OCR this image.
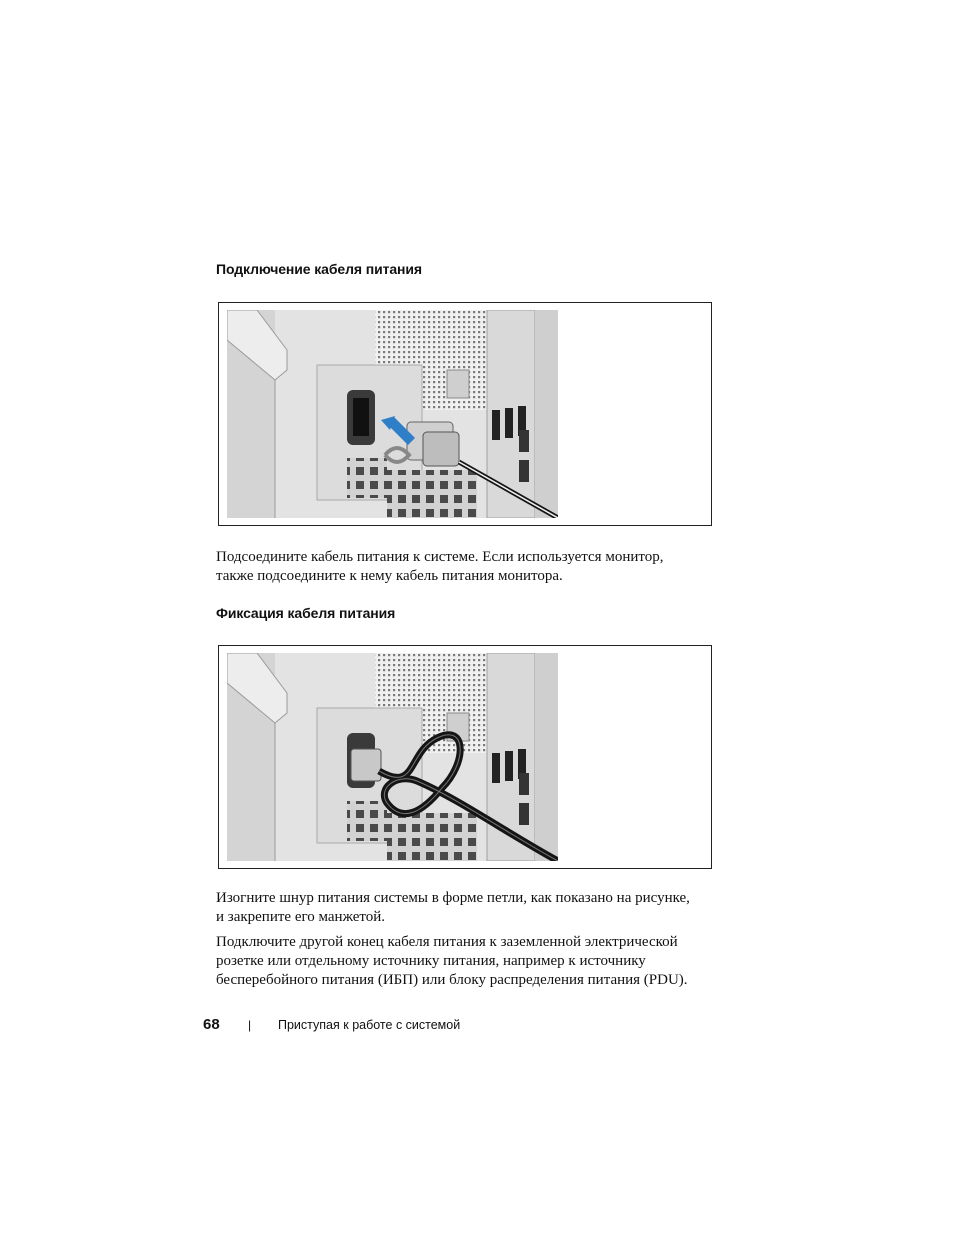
Подключение кабеля питания

Подсоедините кабель питания к системе. Если используется монитор,
также подсоедините к нему кабель питания монитора.

Фиксация кабеля питания

Изогните шнур питания системы в форме петли, как показано на рисунке,
и закрепите его манжетой.

Подключите другой конец кабеля питания к заземленной электрической
розетке или отдельному источнику питания, например к источнику
бесперебойного питания (ИБП) или блоку распределения питания (PDU).

68 | Приступая к работе с системой
